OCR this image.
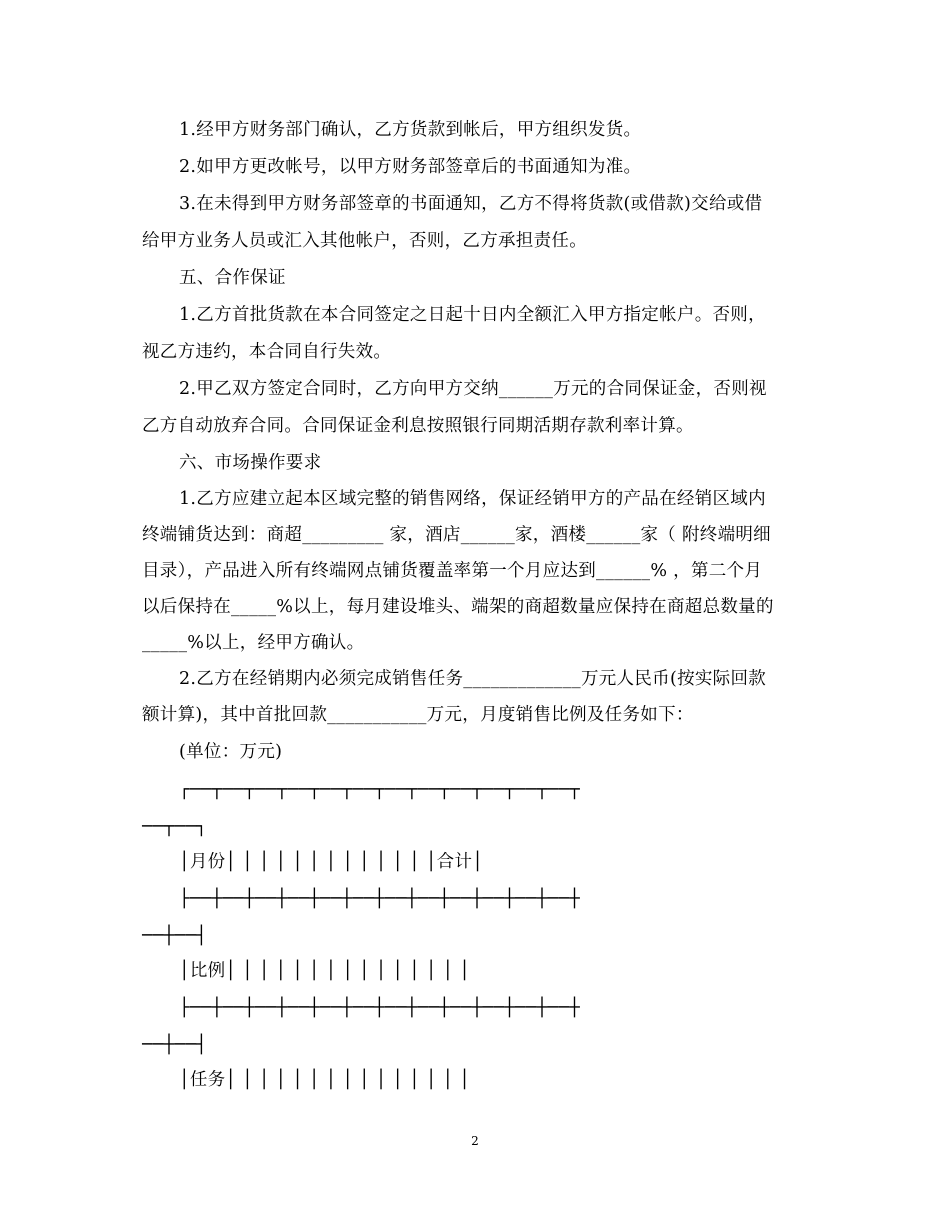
1.经甲方财务部门确认，乙方货款到帐后，甲方组织发货。
2.如甲方更改帐号，以甲方财务部签章后的书面通知为准。
3.在未得到甲方财务部签章的书面通知，乙方不得将货款(或借款)交给或借
给甲方业务人员或汇入其他帐户，否则，乙方承担责任。
五、合作保证
1.乙方首批货款在本合同签定之日起十日内全额汇入甲方指定帐户。否则，
视乙方违约，本合同自行失效。
2.甲乙双方签定合同时，乙方向甲方交纳______万元的合同保证金，否则视
乙方自动放弃合同。合同保证金利息按照银行同期活期存款利率计算。
六、市场操作要求
1.乙方应建立起本区域完整的销售网络，保证经销甲方的产品在经销区域内
终端铺货达到：商超_________ 家，酒店______家，酒楼______家（ 附终端明细
目录），产品进入所有终端网点铺货覆盖率第一个月应达到______% ，第二个月
以后保持在_____%以上，每月建设堆头、端架的商超数量应保持在商超总数量的
_____%以上，经甲方确认。
2.乙方在经销期内必须完成销售任务_____________万元人民币(按实际回款
额计算)，其中首批回款___________万元，月度销售比例及任务如下：
(单位：万元)
┌──┬──┬──┬──┬──┬──┬──┬──┬──┬──┬──┬──┬
──┬──┐
│月份│ │ │ │ │ │ │ │ │ │ │ │ │合计│
├──┼──┼──┼──┼──┼──┼──┼──┼──┼──┼──┼──┼
──┼──┤
│比例│ │ │ │ │ │ │ │ │ │ │ │ │ │ │
├──┼──┼──┼──┼──┼──┼──┼──┼──┼──┼──┼──┼
──┼──┤
│任务│ │ │ │ │ │ │ │ │ │ │ │ │ │ │
2
